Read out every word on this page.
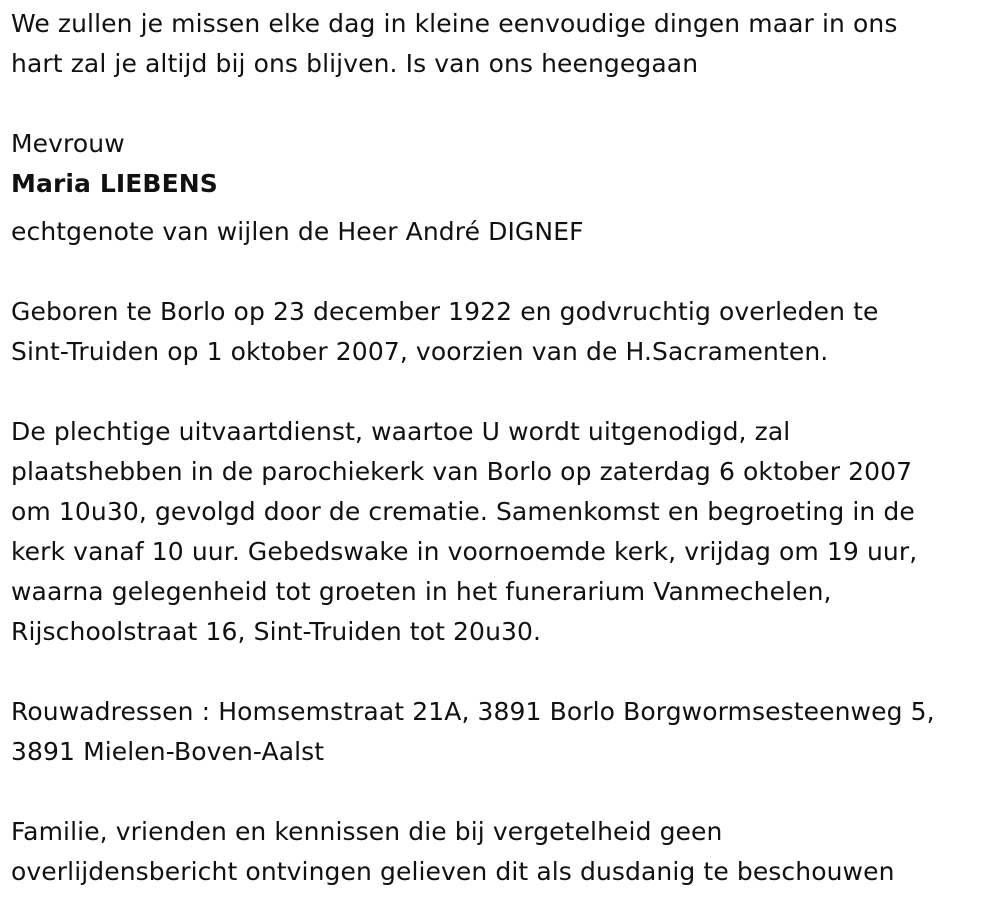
We zullen je missen elke dag in kleine eenvoudige dingen maar in ons
hart zal je altijd bij ons blijven. Is van ons heengegaan
Mevrouw
Maria LIEBENS
echtgenote van wijlen de Heer André DIGNEF
Geboren te Borlo op 23 december 1922 en godvruchtig overleden te
Sint-Truiden op 1 oktober 2007, voorzien van de H.Sacramenten.
De plechtige uitvaartdienst, waartoe U wordt uitgenodigd, zal
plaatshebben in de parochiekerk van Borlo op zaterdag 6 oktober 2007
om 10u30, gevolgd door de crematie. Samenkomst en begroeting in de
kerk vanaf 10 uur. Gebedswake in voornoemde kerk, vrijdag om 19 uur,
waarna gelegenheid tot groeten in het funerarium Vanmechelen,
Rijschoolstraat 16, Sint-Truiden tot 20u30.
Rouwadressen : Homsemstraat 21A, 3891 Borlo Borgwormsesteenweg 5,
3891 Mielen-Boven-Aalst
Familie, vrienden en kennissen die bij vergetelheid geen
overlijdensbericht ontvingen gelieven dit als dusdanig te beschouwen
